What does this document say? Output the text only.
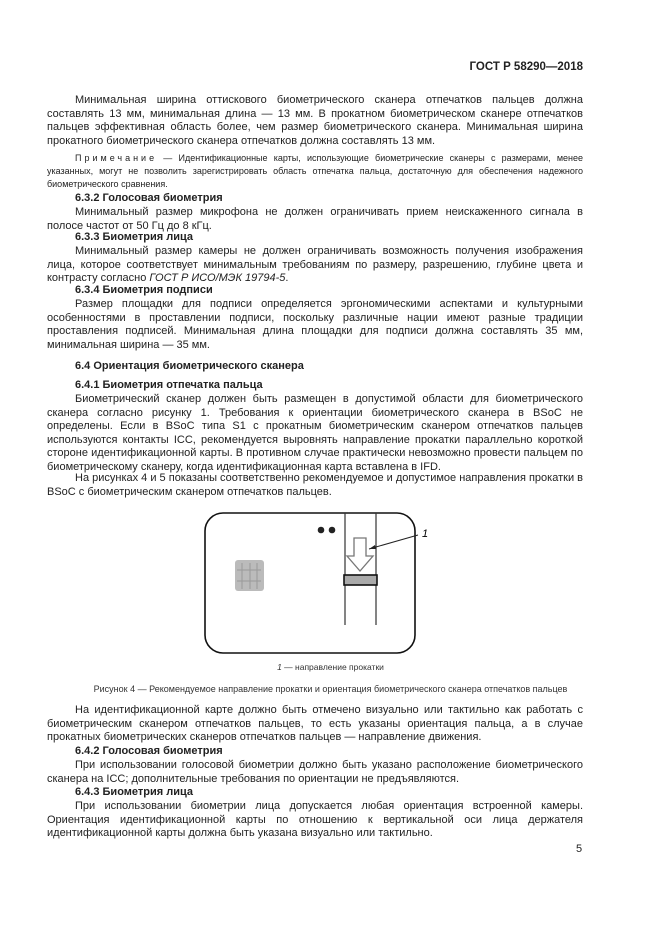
ГОСТ Р 58290—2018
Минимальная ширина оттискового биометрического сканера отпечатков пальцев должна составлять 13 мм, минимальная длина — 13 мм. В прокатном биометрическом сканере отпечатков пальцев эффективная область более, чем размер биометрического сканера. Минимальная ширина прокатного биометрического сканера отпечатков должна составлять 13 мм.
Примечание — Идентификационные карты, использующие биометрические сканеры с размерами, менее указанных, могут не позволить зарегистрировать область отпечатка пальца, достаточную для обеспечения надежного биометрического сравнения.
6.3.2 Голосовая биометрия
Минимальный размер микрофона не должен ограничивать прием неискаженного сигнала в полосе частот от 50 Гц до 8 кГц.
6.3.3 Биометрия лица
Минимальный размер камеры не должен ограничивать возможность получения изображения лица, которое соответствует минимальным требованиям по размеру, разрешению, глубине цвета и контрасту согласно ГОСТ Р ИСО/МЭК 19794-5.
6.3.4 Биометрия подписи
Размер площадки для подписи определяется эргономическими аспектами и культурными особенностями в проставлении подписи, поскольку различные нации имеют разные традиции проставления подписей. Минимальная длина площадки для подписи должна составлять 35 мм, минимальная ширина — 35 мм.
6.4 Ориентация биометрического сканера
6.4.1 Биометрия отпечатка пальца
Биометрический сканер должен быть размещен в допустимой области для биометрического сканера согласно рисунку 1. Требования к ориентации биометрического сканера в BSoC не определены. Если в BSoC типа S1 с прокатным биометрическим сканером отпечатков пальцев используются контакты ICC, рекомендуется выровнять направление прокатки параллельно короткой стороне идентификационной карты. В противном случае практически невозможно провести пальцем по биометрическому сканеру, когда идентификационная карта вставлена в IFD.
На рисунках 4 и 5 показаны соответственно рекомендуемое и допустимое направления прокатки в BSoC с биометрическим сканером отпечатков пальцев.
1
1 — направление прокатки
Рисунок 4 — Рекомендуемое направление прокатки и ориентация биометрического сканера отпечатков пальцев
На идентификационной карте должно быть отмечено визуально или тактильно как работать с биометрическим сканером отпечатков пальцев, то есть указаны ориентация пальца, а в случае прокатных биометрических сканеров отпечатков пальцев — направление движения.
6.4.2 Голосовая биометрия
При использовании голосовой биометрии должно быть указано расположение биометрического сканера на ICC; дополнительные требования по ориентации не предъявляются.
6.4.3 Биометрия лица
При использовании биометрии лица допускается любая ориентация встроенной камеры. Ориентация идентификационной карты по отношению к вертикальной оси лица держателя идентификационной карты должна быть указана визуально или тактильно.
5
